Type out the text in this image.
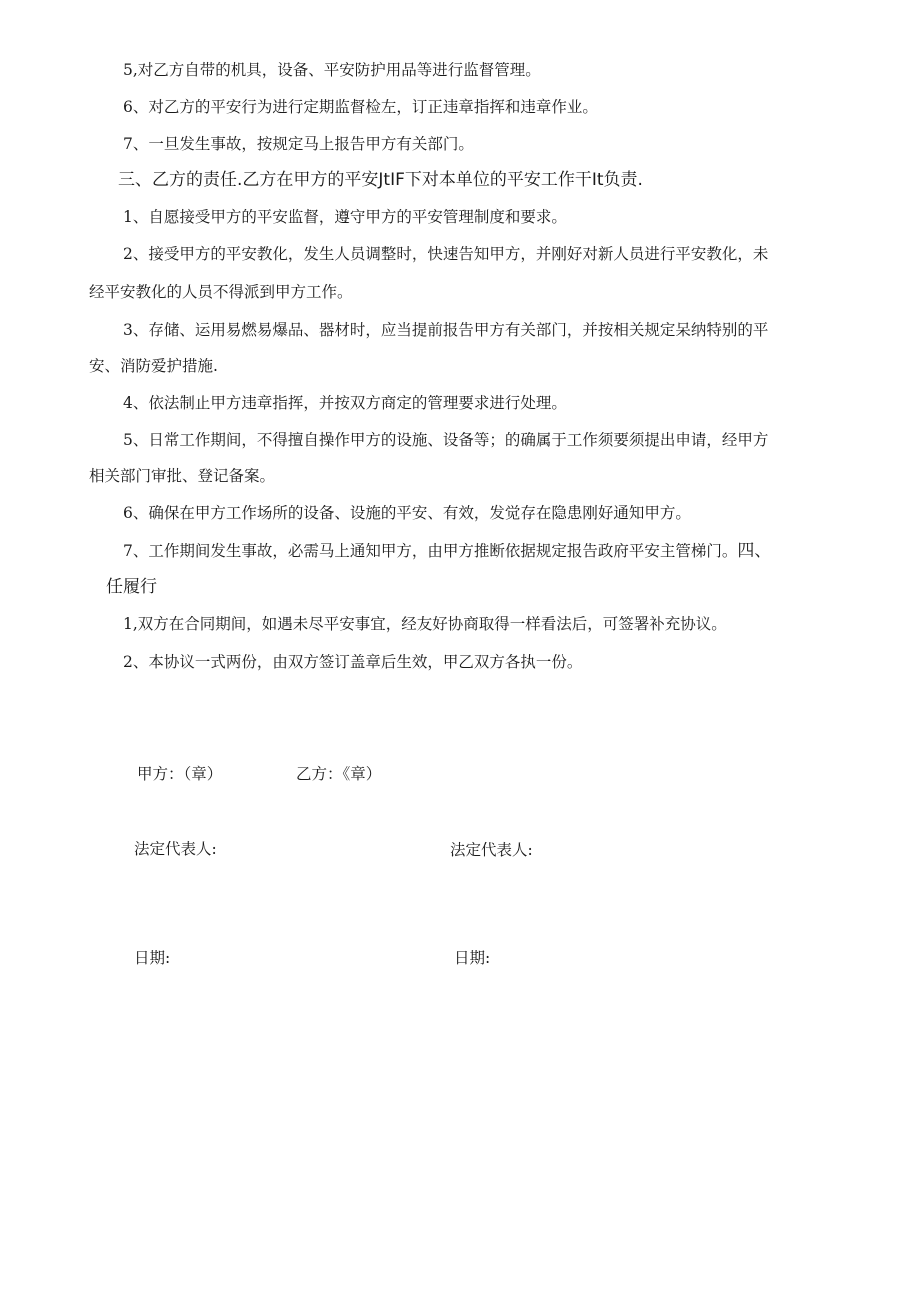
5,对乙方自带的机具，设备、平安防护用品等进行监督管理。
6、对乙方的平安行为进行定期监督检左，订正违章指挥和违章作业。
7、一旦发生事故，按规定马上报告甲方有关部门。
三、乙方的责任.乙方在甲方的平安JtIF下对本单位的平安工作干It负责.
1、自愿接受甲方的平安监督，遵守甲方的平安管理制度和要求。
2、接受甲方的平安教化，发生人员调整时，快速告知甲方，并刚好对新人员进行平安教化，未
经平安教化的人员不得派到甲方工作。
3、存储、运用易燃易爆品、器材时，应当提前报告甲方有关部门，并按相关规定呆纳特别的平
安、消防爱护措施.
4、依法制止甲方违章指挥，并按双方商定的管理要求进行处理。
5、日常工作期间，不得擅自操作甲方的设施、设备等；的确属于工作须要须提出申请，经甲方
相关部门审批、登记备案。
6、确保在甲方工作场所的设备、设施的平安、有效，发觉存在隐患刚好通知甲方。
7、工作期间发生事故，必需马上通知甲方，由甲方推断依据规定报告政府平安主管梯门。四、
任履行
1,双方在合同期间，如遇未尽平安事宜，经友好协商取得一样看法后，可签署补充协议。
2、本协议一式两份，由双方签订盖章后生效，甲乙双方各执一份。
甲方：（章）	乙方：《章）
法定代表人:	法定代表人:
日期:	日期:
